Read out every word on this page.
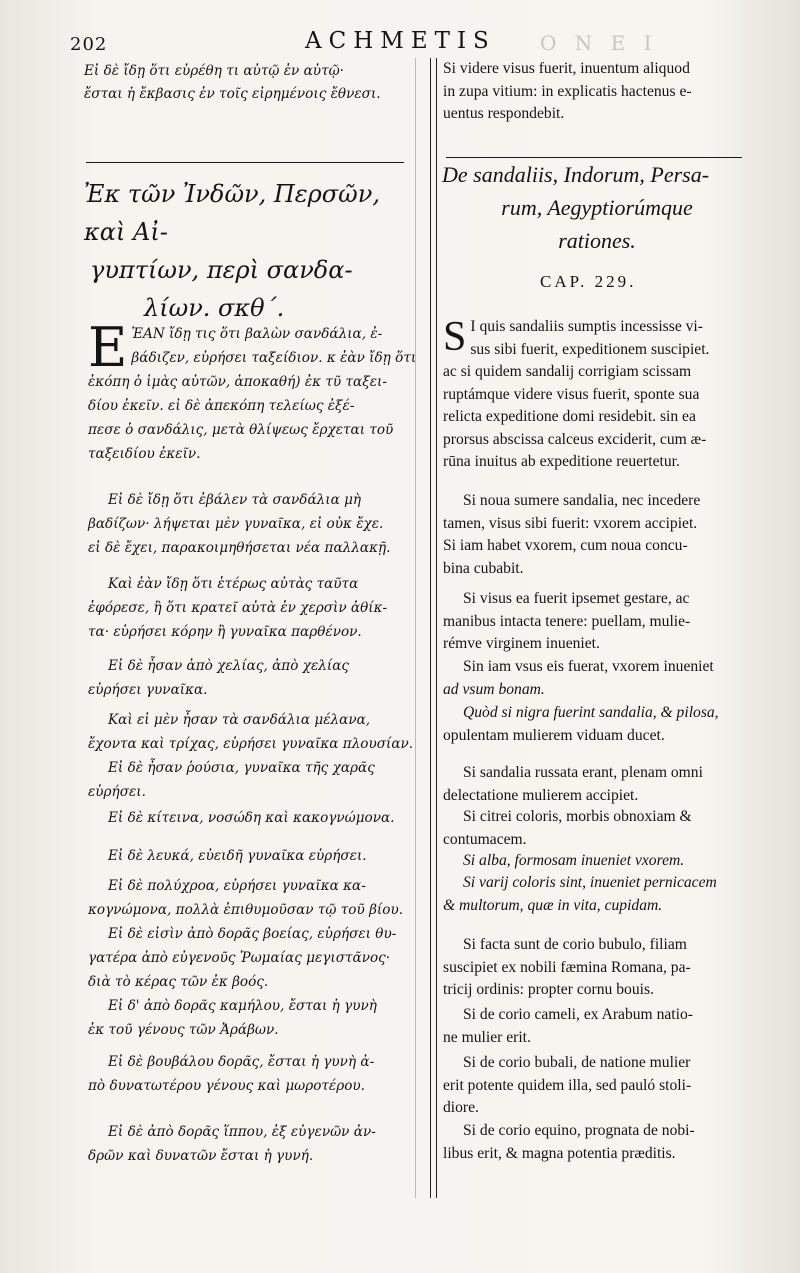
202	ACHMETIS O N E I

Εἰ δὲ ἴδῃ ὅτι εὑρέθη τι αὐτῷ ἐν αὐτῷ·

ἔσται ἡ ἔκβασις ἐν τοῖς εἰρημένοις ἔθνεσι.

Ἐκ τῶν Ἰνδῶν, Περσῶν, καὶ Αἰ-
γυπτίων, περὶ σανδα-
λίων. σκθ΄.
E ἘΑΝ ἴδῃ τις ὅτι βαλὼν σανδάλια, ἐ-

βάδιζεν, εὑρήσει ταξείδιον. κ ἐὰν ἴδῃ ὅτι

ἐκόπη ὁ ἱμὰς αὐτῶν, ἀποκαθή) ἐκ τῦ ταξει-

δίου ἐκεῖν. εἰ δὲ ἀπεκόπη τελείως ἐξέ-

πεσε ὁ σανδάλις, μετὰ θλίψεως ἔρχεται τοῦ

ταξειδίου ἐκεῖν.

Εἰ δὲ ἴδῃ ὅτι ἐβάλεν τὰ σανδάλια μὴ

βαδίζων· λήψεται μὲν γυναῖκα, εἰ οὐκ ἔχε.

εἰ δὲ ἔχει, παρακοιμηθήσεται νέα παλλακῇ.

Καὶ ἐὰν ἴδῃ ὅτι ἑτέρως αὐτὰς ταῦτα

ἐφόρεσε, ἢ ὅτι κρατεῖ αὐτὰ ἐν χερσὶν ἀθίκ-

τα· εὑρήσει κόρην ἢ γυναῖκα παρθένον.

Εἰ δὲ ἦσαν ἀπὸ χελίας, ἀπὸ χελίας

εὑρήσει γυναῖκα.

Καὶ εἰ μὲν ἦσαν τὰ σανδάλια μέλανα,

ἔχοντα καὶ τρίχας, εὑρήσει γυναῖκα πλουσίαν.

Εἰ δὲ ἦσαν ῥούσια, γυναῖκα τῆς χαρᾶς

εὑρήσει.

Εἰ δὲ κίτεινα, νοσώδη καὶ κακογνώμονα.

Εἰ δὲ λευκά, εὐειδῆ γυναῖκα εὑρήσει.

Εἰ δὲ πολύχροα, εὑρήσει γυναῖκα κα-

κογνώμονα, πολλὰ ἐπιθυμοῦσαν τῷ τοῦ βίου.

Εἰ δὲ εἰσὶν ἀπὸ δορᾶς βοείας, εὑρήσει θυ-

γατέρα ἀπὸ εὐγενοῦς Ῥωμαίας μεγιστᾶνος·

διὰ τὸ κέρας τῶν ἐκ βοός.

Εἰ δ' ἀπὸ δορᾶς καμήλου, ἔσται ἡ γυνὴ

ἐκ τοῦ γένους τῶν Ἀράβων.

Εἰ δὲ βουβάλου δορᾶς, ἔσται ἡ γυνὴ ἀ-

πὸ δυνατωτέρου γένους καὶ μωροτέρου.

Εἰ δὲ ἀπὸ δορᾶς ἵππου, ἐξ εὐγενῶν ἀν-

δρῶν καὶ δυνατῶν ἔσται ἡ γυνή.

Si videre visus fuerit, inuentum aliquod

in zupa vitium: in explicatis hactenus e-

uentus respondebit.

De sandaliis, Indorum, Persa-
rum, Aegyptiorúmque
rationes.
CAP. 229.
S I quis sandaliis sumptis incessisse vi-

sus sibi fuerit, expeditionem suscipiet.

ac si quidem sandalij corrigiam scissam

ruptámque videre visus fuerit, sponte sua

relicta expeditione domi residebit. sin ea

prorsus abscissa calceus exciderit, cum æ-

rūna inuitus ab expeditione reuertetur.

Si noua sumere sandalia, nec incedere

tamen, visus sibi fuerit: vxorem accipiet.

Si iam habet vxorem, cum noua concu-

bina cubabit.

Si visus ea fuerit ipsemet gestare, ac

manibus intacta tenere: puellam, mulie-

rémve virginem inueniet.

Sin iam vsus eis fuerat, vxorem inueniet

ad vsum bonam.

Quòd si nigra fuerint sandalia, & pilosa,

opulentam mulierem viduam ducet.

Si sandalia russata erant, plenam omni

delectatione mulierem accipiet.

Si citrei coloris, morbis obnoxiam &

contumacem.

Si alba, formosam inueniet vxorem.

Si varij coloris sint, inueniet pernicacem

& multorum, quæ in vita, cupidam.

Si facta sunt de corio bubulo, filiam

suscipiet ex nobili fæmina Romana, pa-

tricij ordinis: propter cornu bouis.

Si de corio cameli, ex Arabum natio-

ne mulier erit.

Si de corio bubali, de natione mulier

erit potente quidem illa, sed pauló stoli-

diore.

Si de corio equino, prognata de nobi-

libus erit, & magna potentia præditis.
